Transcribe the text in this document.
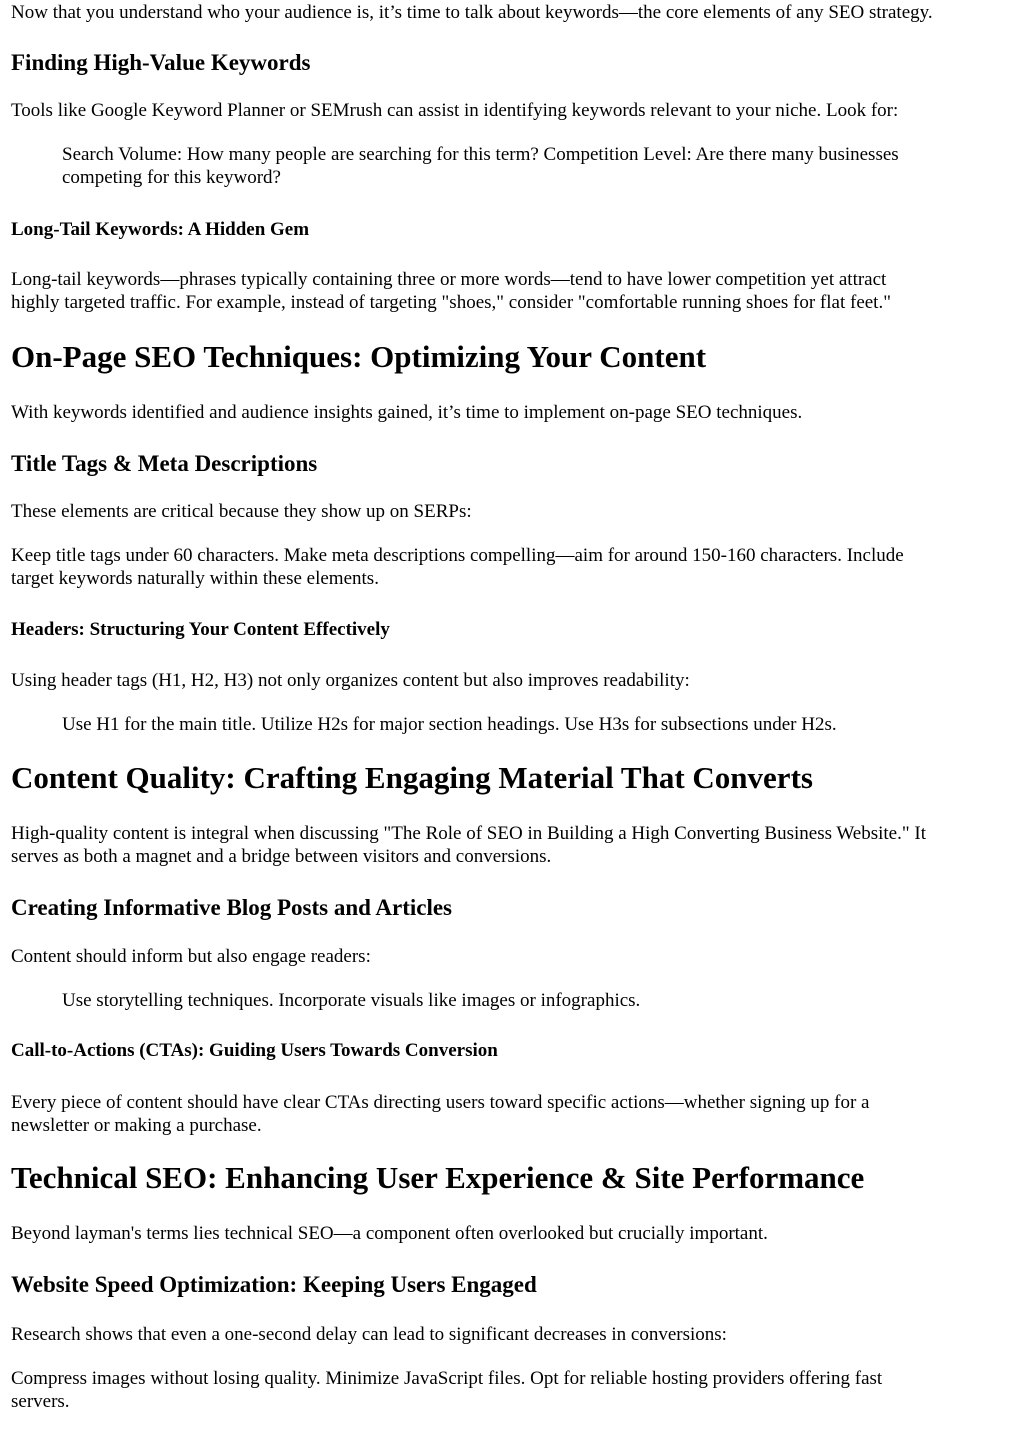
Now that you understand who your audience is, it’s time to talk about keywords—the core elements of any SEO strategy.

Finding High-Value Keywords

Tools like Google Keyword Planner or SEMrush can assist in identifying keywords relevant to your niche. Look for:

Search Volume: How many people are searching for this term? Competition Level: Are there many businesses
competing for this keyword?
Long-Tail Keywords: A Hidden Gem

Long-tail keywords—phrases typically containing three or more words—tend to have lower competition yet attract
highly targeted traffic. For example, instead of targeting "shoes," consider "comfortable running shoes for flat feet."

On-Page SEO Techniques: Optimizing Your Content

With keywords identified and audience insights gained, it’s time to implement on-page SEO techniques.

Title Tags & Meta Descriptions

These elements are critical because they show up on SERPs:

Keep title tags under 60 characters. Make meta descriptions compelling—aim for around 150-160 characters. Include
target keywords naturally within these elements.

Headers: Structuring Your Content Effectively

Using header tags (H1, H2, H3) not only organizes content but also improves readability:

Use H1 for the main title. Utilize H2s for major section headings. Use H3s for subsections under H2s.
Content Quality: Crafting Engaging Material That Converts

High-quality content is integral when discussing "The Role of SEO in Building a High Converting Business Website." It
serves as both a magnet and a bridge between visitors and conversions.

Creating Informative Blog Posts and Articles

Content should inform but also engage readers:

Use storytelling techniques. Incorporate visuals like images or infographics.
Call-to-Actions (CTAs): Guiding Users Towards Conversion

Every piece of content should have clear CTAs directing users toward specific actions—whether signing up for a
newsletter or making a purchase.

Technical SEO: Enhancing User Experience & Site Performance

Beyond layman's terms lies technical SEO—a component often overlooked but crucially important.

Website Speed Optimization: Keeping Users Engaged

Research shows that even a one-second delay can lead to significant decreases in conversions:

Compress images without losing quality. Minimize JavaScript files. Opt for reliable hosting providers offering fast
servers.
